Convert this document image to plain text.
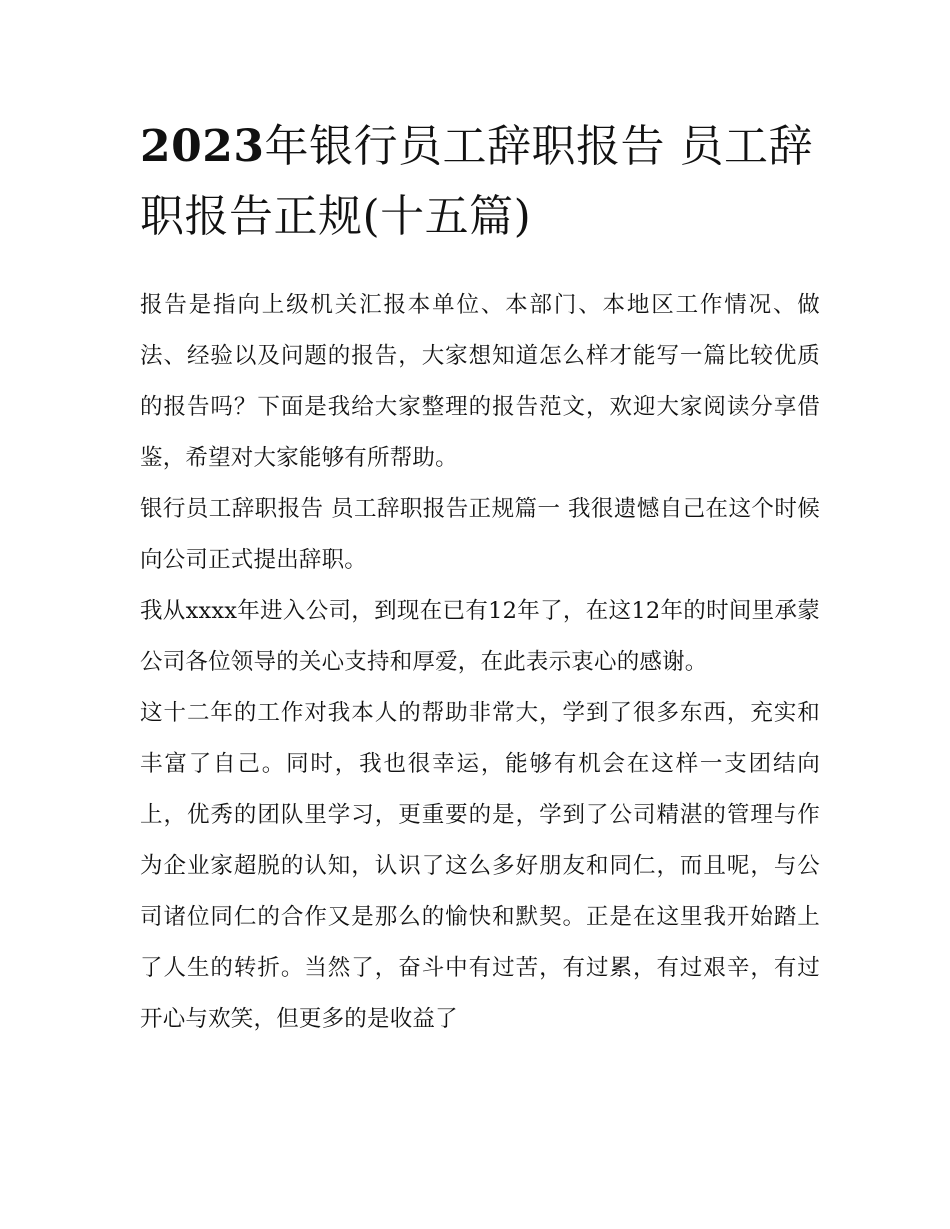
2023年银行员工辞职报告 员工辞职报告正规(十五篇)

报告是指向上级机关汇报本单位、本部门、本地区工作情况、做法、经验以及问题的报告，大家想知道怎么样才能写一篇比较优质的报告吗？下面是我给大家整理的报告范文，欢迎大家阅读分享借鉴，希望对大家能够有所帮助。

银行员工辞职报告 员工辞职报告正规篇一 我很遗憾自己在这个时候向公司正式提出辞职。

我从xxxx年进入公司，到现在已有12年了，在这12年的时间里承蒙公司各位领导的关心支持和厚爱，在此表示衷心的感谢。

这十二年的工作对我本人的帮助非常大，学到了很多东西，充实和丰富了自己。同时，我也很幸运，能够有机会在这样一支团结向上，优秀的团队里学习，更重要的是，学到了公司精湛的管理与作为企业家超脱的认知，认识了这么多好朋友和同仁，而且呢，与公司诸位同仁的合作又是那么的愉快和默契。正是在这里我开始踏上了人生的转折。当然了，奋斗中有过苦，有过累，有过艰辛，有过开心与欢笑，但更多的是收益了
